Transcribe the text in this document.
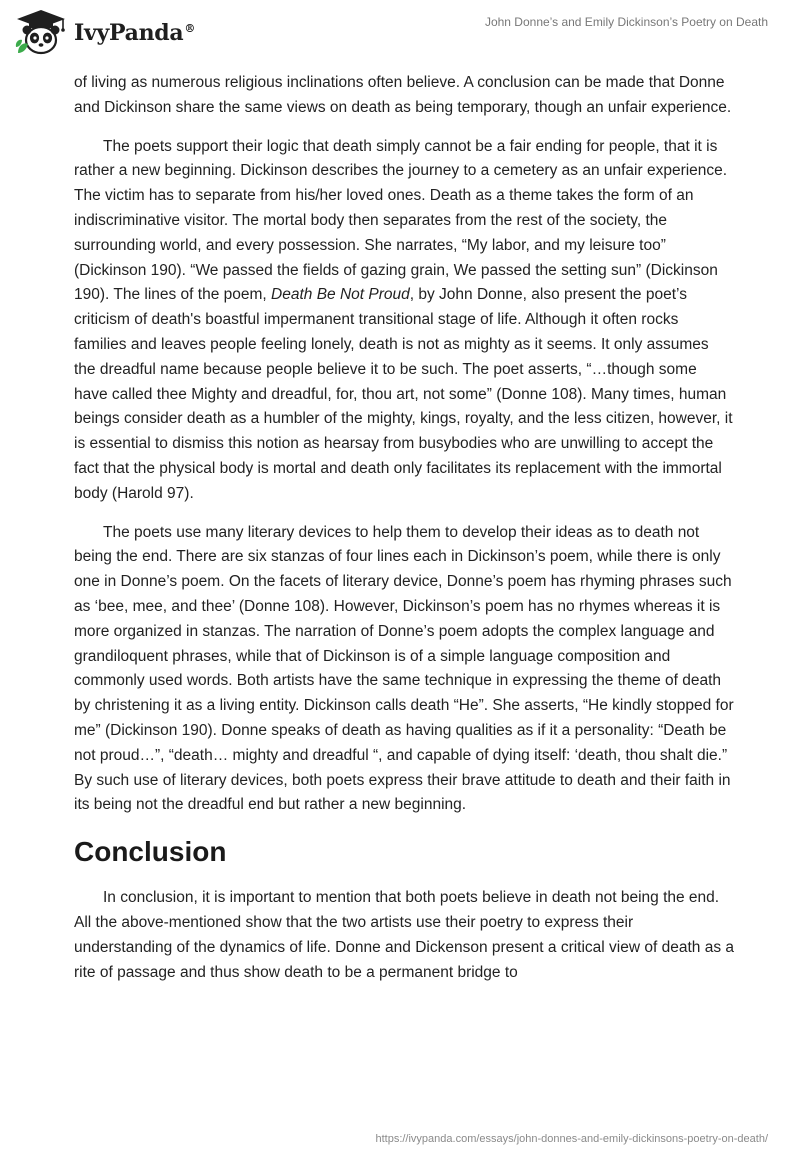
IvyPanda®	John Donne’s and Emily Dickinson’s Poetry on Death

of living as numerous religious inclinations often believe. A conclusion can be made that Donne and Dickinson share the same views on death as being temporary, though an unfair experience.

The poets support their logic that death simply cannot be a fair ending for people, that it is rather a new beginning. Dickinson describes the journey to a cemetery as an unfair experience. The victim has to separate from his/her loved ones. Death as a theme takes the form of an indiscriminative visitor. The mortal body then separates from the rest of the society, the surrounding world, and every possession. She narrates, “My labor, and my leisure too” (Dickinson 190). “We passed the fields of gazing grain, We passed the setting sun” (Dickinson 190). The lines of the poem, Death Be Not Proud, by John Donne, also present the poet’s criticism of death's boastful impermanent transitional stage of life. Although it often rocks families and leaves people feeling lonely, death is not as mighty as it seems. It only assumes the dreadful name because people believe it to be such. The poet asserts, “…though some have called thee Mighty and dreadful, for, thou art, not some” (Donne 108). Many times, human beings consider death as a humbler of the mighty, kings, royalty, and the less citizen, however, it is essential to dismiss this notion as hearsay from busybodies who are unwilling to accept the fact that the physical body is mortal and death only facilitates its replacement with the immortal body (Harold 97).

The poets use many literary devices to help them to develop their ideas as to death not being the end. There are six stanzas of four lines each in Dickinson’s poem, while there is only one in Donne’s poem. On the facets of literary device, Donne’s poem has rhyming phrases such as ‘bee, mee, and thee’ (Donne 108). However, Dickinson’s poem has no rhymes whereas it is more organized in stanzas. The narration of Donne’s poem adopts the complex language and grandiloquent phrases, while that of Dickinson is of a simple language composition and commonly used words. Both artists have the same technique in expressing the theme of death by christening it as a living entity. Dickinson calls death “He”. She asserts, “He kindly stopped for me” (Dickinson 190). Donne speaks of death as having qualities as if it a personality: “Death be not proud…”, “death… mighty and dreadful “, and capable of dying itself: ‘death, thou shalt die.” By such use of literary devices, both poets express their brave attitude to death and their faith in its being not the dreadful end but rather a new beginning.

Conclusion

In conclusion, it is important to mention that both poets believe in death not being the end. All the above-mentioned show that the two artists use their poetry to express their understanding of the dynamics of life. Donne and Dickenson present a critical view of death as a rite of passage and thus show death to be a permanent bridge to

https://ivypanda.com/essays/john-donnes-and-emily-dickinsons-poetry-on-death/
